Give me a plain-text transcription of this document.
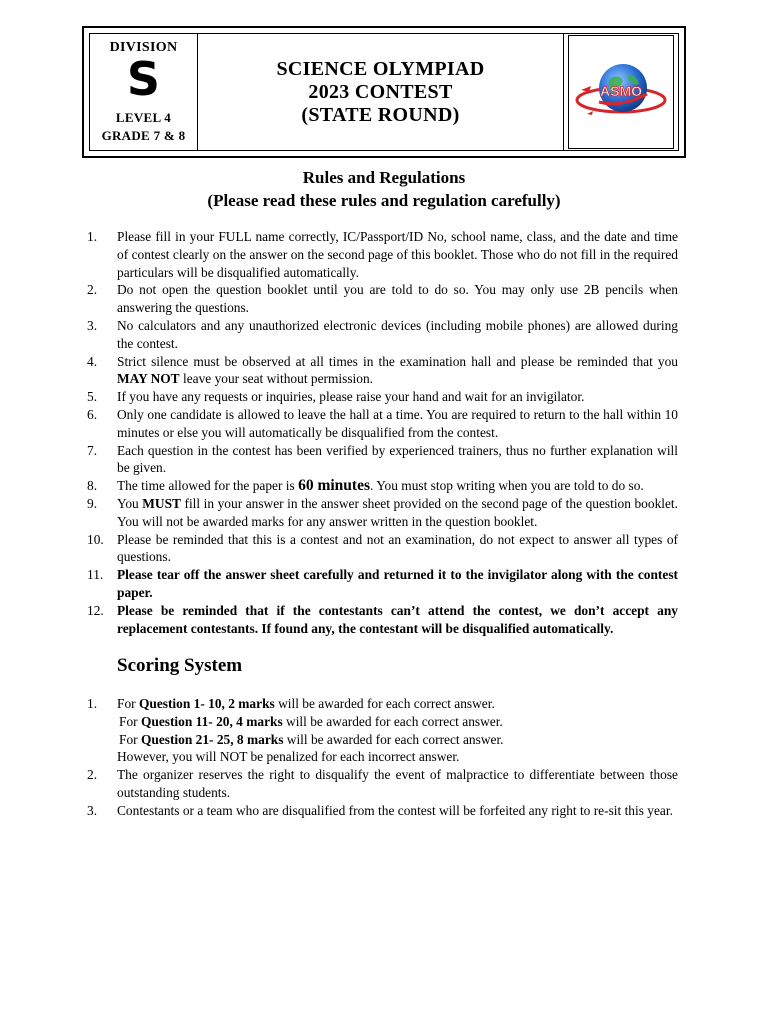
DIVISION
S
LEVEL 4
GRADE 7 & 8
SCIENCE OLYMPIAD
2023 CONTEST
(STATE ROUND)
ASMO
Rules and Regulations
(Please read these rules and regulation carefully)
1. Please fill in your FULL name correctly, IC/Passport/ID No, school name, class, and the date and time of contest clearly on the answer on the second page of this booklet. Those who do not fill in the required particulars will be disqualified automatically.
2. Do not open the question booklet until you are told to do so. You may only use 2B pencils when answering the questions.
3. No calculators and any unauthorized electronic devices (including mobile phones) are allowed during the contest.
4. Strict silence must be observed at all times in the examination hall and please be reminded that you MAY NOT leave your seat without permission.
5. If you have any requests or inquiries, please raise your hand and wait for an invigilator.
6. Only one candidate is allowed to leave the hall at a time. You are required to return to the hall within 10 minutes or else you will automatically be disqualified from the contest.
7. Each question in the contest has been verified by experienced trainers, thus no further explanation will be given.
8. The time allowed for the paper is 60 minutes. You must stop writing when you are told to do so.
9. You MUST fill in your answer in the answer sheet provided on the second page of the question booklet. You will not be awarded marks for any answer written in the question booklet.
10. Please be reminded that this is a contest and not an examination, do not expect to answer all types of questions.
11. Please tear off the answer sheet carefully and returned it to the invigilator along with the contest paper.
12. Please be reminded that if the contestants can’t attend the contest, we don’t accept any replacement contestants. If found any, the contestant will be disqualified automatically.
Scoring System
1. For Question 1- 10, 2 marks will be awarded for each correct answer.
For Question 11- 20, 4 marks will be awarded for each correct answer.
For Question 21- 25, 8 marks will be awarded for each correct answer.
However, you will NOT be penalized for each incorrect answer.
2. The organizer reserves the right to disqualify the event of malpractice to differentiate between those outstanding students.
3. Contestants or a team who are disqualified from the contest will be forfeited any right to re-sit this year.
